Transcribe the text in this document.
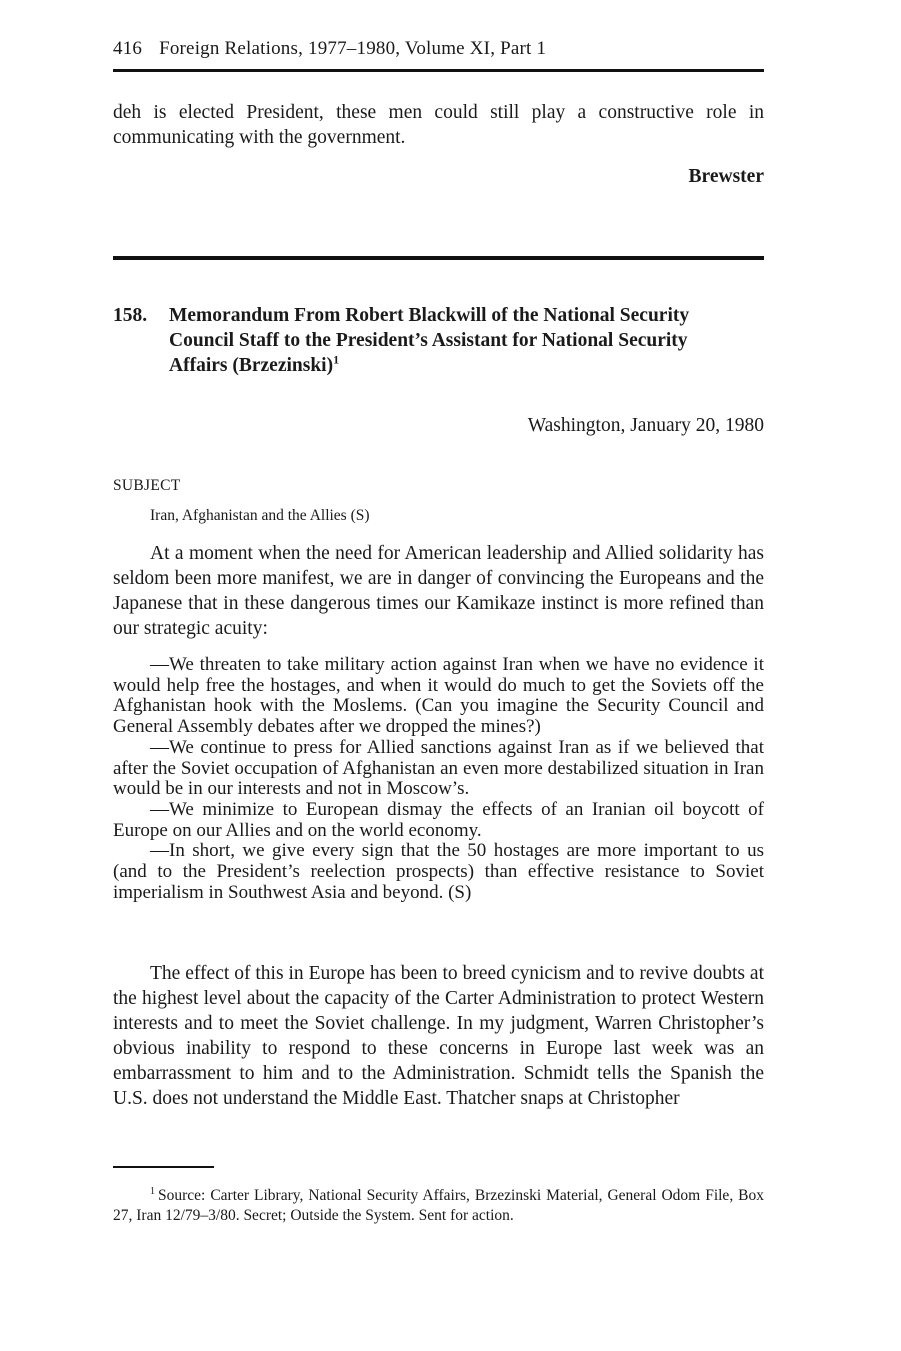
416 Foreign Relations, 1977–1980, Volume XI, Part 1

deh is elected President, these men could still play a constructive role in communicating with the government.

Brewster
158. Memorandum From Robert Blackwill of the National Security Council Staff to the President’s Assistant for National Security Affairs (Brzezinski)$^1$
Washington, January 20, 1980
SUBJECT
Iran, Afghanistan and the Allies (S)

At a moment when the need for American leadership and Allied solidarity has seldom been more manifest, we are in danger of convincing the Europeans and the Japanese that in these dangerous times our Kamikaze instinct is more refined than our strategic acuity:

—We threaten to take military action against Iran when we have no evidence it would help free the hostages, and when it would do much to get the Soviets off the Afghanistan hook with the Moslems. (Can you imagine the Security Council and General Assembly debates after we dropped the mines?)

—We continue to press for Allied sanctions against Iran as if we believed that after the Soviet occupation of Afghanistan an even more destabilized situation in Iran would be in our interests and not in Moscow’s.

—We minimize to European dismay the effects of an Iranian oil boycott of Europe on our Allies and on the world economy.

—In short, we give every sign that the 50 hostages are more important to us (and to the President’s reelection prospects) than effective resistance to Soviet imperialism in Southwest Asia and beyond. (S)

The effect of this in Europe has been to breed cynicism and to revive doubts at the highest level about the capacity of the Carter Administration to protect Western interests and to meet the Soviet challenge. In my judgment, Warren Christopher’s obvious inability to respond to these concerns in Europe last week was an embarrassment to him and to the Administration. Schmidt tells the Spanish the U.S. does not understand the Middle East. Thatcher snaps at Christopher

$^1$ Source: Carter Library, National Security Affairs, Brzezinski Material, General Odom File, Box 27, Iran 12/79–3/80. Secret; Outside the System. Sent for action.
